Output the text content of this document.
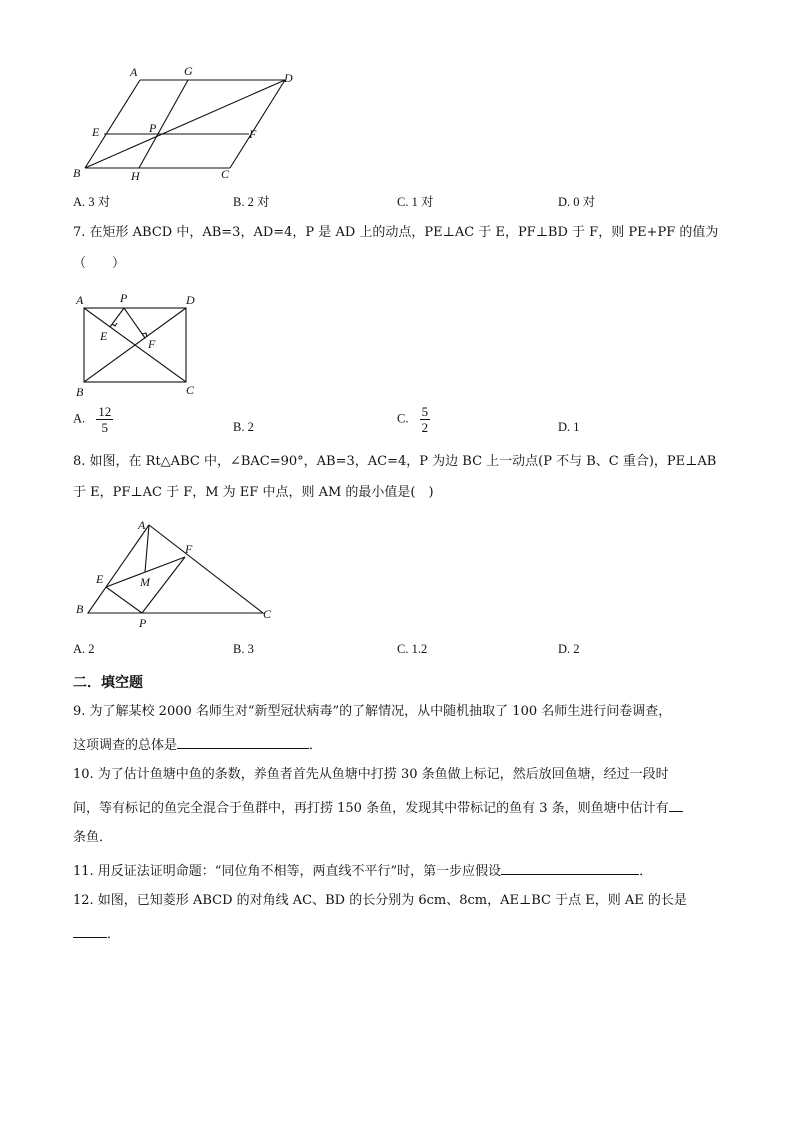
A	G	D
E	P	F
B	H	C
A. 3 对	B. 2 对	C. 1 对	D. 0 对
7. 在矩形 ABCD 中，AB=3，AD=4，P 是 AD 上的动点，PE⊥AC 于 E，PF⊥BD 于 F，则 PE+PF 的值为
（　　）
A	P	D
E
F
B	C
A. $\frac{12}{5}$	B. 2
C. $\frac{5}{2}$	D. 1
8. 如图，在 Rt△ABC 中，∠BAC=90°，AB=3，AC=4，P 为边 BC 上一动点(P 不与 B、C 重合)，PE⊥AB
于 E，PF⊥AC 于 F，M 为 EF 中点，则 AM 的最小值是(　)
A
F
E	M
B
P
C
A. 2	B. 3	C. 1.2	D. 2
二．填空题
9. 为了解某校 2000 名师生对“新型冠状病毒”的了解情况，从中随机抽取了 100 名师生进行问卷调查，
这项调查的总体是	．
10. 为了估计鱼塘中鱼的条数，养鱼者首先从鱼塘中打捞 30 条鱼做上标记，然后放回鱼塘，经过一段时
间，等有标记的鱼完全混合于鱼群中，再打捞 150 条鱼，发现其中带标记的鱼有 3 条，则鱼塘中估计有
条鱼．
11. 用反证法证明命题：“同位角不相等，两直线不平行”时，第一步应假设	．
12. 如图，已知菱形 ABCD 的对角线 AC、BD 的长分别为 6cm、8cm，AE⊥BC 于点 E，则 AE 的长是
．
